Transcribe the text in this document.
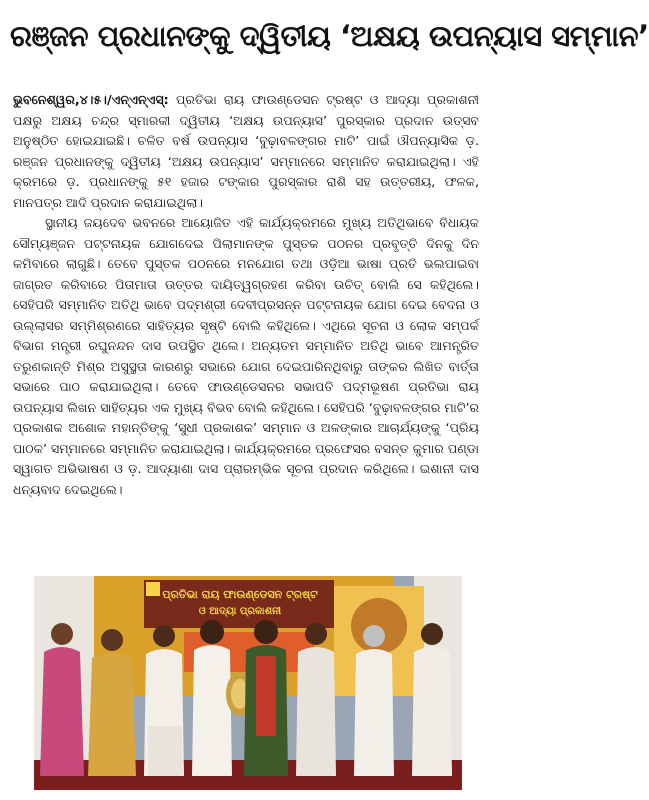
ରଞ୍ଜନ ପ୍ରଧାନଙ୍କୁ ଦ୍ୱିତୀୟ ‘ଅକ୍ଷୟ ଉପନ୍ୟାସ ସମ୍ମାନ’

ଭୁବନେଶ୍ୱର,୪।୫।/ଏନ୍ଏନ୍ଏସ୍: ପ୍ରତିଭା ରାୟ ଫାଉଣ୍ଡେସନ ଟ୍ରଷ୍ଟ ଓ ଆଦ୍ୟା ପ୍ରକାଶନୀ ପକ୍ଷରୁ ଅକ୍ଷୟ ଚନ୍ଦ୍ର ସ୍ମାରକୀ ଦ୍ୱିତୀୟ ‘ଅକ୍ଷୟ ଉପନ୍ୟାସ’ ପୁରସ୍କାର ପ୍ରଦାନ ଉତ୍ସବ ଅନୁଷ୍ଠିତ ହୋଇଯାଇଛି। ଚଳିତ ବର୍ଷ ଉପନ୍ୟାସ ‘ବୁଢ଼ାବଳଙ୍ଗର ମାଟି’ ପାଇଁ ଔପନ୍ୟାସିକ ଡ଼. ରଞ୍ଜନ ପ୍ରଧାନଙ୍କୁ ଦ୍ୱିତୀୟ ‘ଅକ୍ଷୟ ଉପନ୍ୟାସ’ ସମ୍ମାନରେ ସମ୍ମାନିତ କରାଯାଇଥିଲା। ଏହି କ୍ରମରେ ଡ଼. ପ୍ରଧାନଙ୍କୁ ୫୧ ହଜାର ଟଙ୍କାର ପୁରସ୍କାର ରାଶି ସହ ଉତ୍ତରୀୟ, ଫଳକ, ମାନପତ୍ର ଆଦି ପ୍ରଦାନ କରାଯାଇଥିଲା।

ସ୍ଥାନୀୟ ଜୟଦେବ ଭବନରେ ଆୟୋଜିତ ଏହି କାର୍ଯ୍ୟକ୍ରମରେ ମୁଖ୍ୟ ଅତିଥିଭାବେ ବିଧାୟକ ସୌମ୍ୟଞ୍ଜନ ପଟ୍ଟନାୟକ ଯୋଗଦେଇ ପିଲାମାନଙ୍କ ପୁସ୍ତକ ପଠନର ପ୍ରବୃତ୍ତି ଦିନକୁ ଦିନ କମିବାରେ ଲାଗୁଛି। ତେବେ ପୁସ୍ତକ ପଠନରେ ମନଯୋଗ ତଥା ଓଡ଼ିଆ ଭାଷା ପ୍ରତି ଭଲପାଇବା ଜାଗ୍ରତ କରିବାରେ ପିତାମାତା ଉତ୍ତର ଦାୟିତ୍ୱଗ୍ରହଣ କରିବା ଉଚିତ୍ ବୋଲି ସେ କହିଥିଲେ। ସେହିପରି ସମ୍ମାନିତ ଅତିଥି ଭାବେ ପଦ୍ମଶ୍ରୀ ଦେବୀପ୍ରସନ୍ନ ପଟ୍ଟନାୟକ ଯୋଗ ଦେଇ ବେଦନା ଓ ଉଲ୍ଲାସର ସମ୍ମିଶ୍ରଣରେ ସାହିତ୍ୟର ସୃଷ୍ଟି ବୋଲି କହିଥିଲେ। ଏଥିରେ ସୂଚନା ଓ ଲୋକ ସମ୍ପର୍କ ବିଭାଗ ମନ୍ତ୍ରୀ ରଘୁନନ୍ଦନ ଦାସ ଉପସ୍ଥିତ ଥିଲେ। ଅନ୍ୟତମ ସମ୍ମାନିତ ଅତିଥି ଭାବେ ଆମନ୍ତ୍ରିତ ତରୁଣକାନ୍ତି ମିଶ୍ର ଅସୁସ୍ଥତା କାରଣରୁ ସଭାରେ ଯୋଗ ଦେଇପାରିନଥିବାରୁ ତାଙ୍କର ଲିଖିତ ବାର୍ତ୍ତା ସଭାରେ ପାଠ କରାଯାଇଥିଲା। ତେବେ ଫାଉଣ୍ଡେସନର ସଭାପତି ପଦ୍ମଭୂଷଣ ପ୍ରତିଭା ରାୟ ଉପନ୍ୟାସ ଲିଖନ ସାହିତ୍ୟର ଏକ ମୁଖ୍ୟ ବିଭବ ବୋଲି କହିଥିଲେ। ସେହିପରି ‘ବୁଢ଼ାବଳଙ୍ଗର ମାଟି’ର ପ୍ରକାଶକ ଅଶୋକ ମହାନ୍ତିଙ୍କୁ ‘ସୁଧୀ ପ୍ରକାଶକ’ ସମ୍ମାନ ଓ ଅଳଙ୍କାର ଆଚାର୍ଯ୍ୟଙ୍କୁ ‘ପ୍ରିୟ ପାଠକ’ ସମ୍ମାନରେ ସମ୍ମାନିତ କରାଯାଇଥିଲା। କାର୍ଯ୍ୟକ୍ରମରେ ପ୍ରଫେସର ବସନ୍ତ କୁମାର ପଣ୍ଡା ସ୍ୱାଗତ ଅଭିଭାଷଣ ଓ ଡ଼. ଆଦ୍ୟାଶା ଦାସ ପ୍ରାରମ୍ଭିକ ସୂଚନା ପ୍ରଦାନ କରିଥିଲେ। ଇଶାନୀ ଦାସ ଧନ୍ୟବାଦ ଦେଇଥିଲେ।

ପ୍ରତିଭା ରାୟ ଫାଉଣ୍ଡେସନ ଟ୍ରଷ୍ଟ
ଓ ଆଦ୍ୟା ପ୍ରକାଶନୀ
